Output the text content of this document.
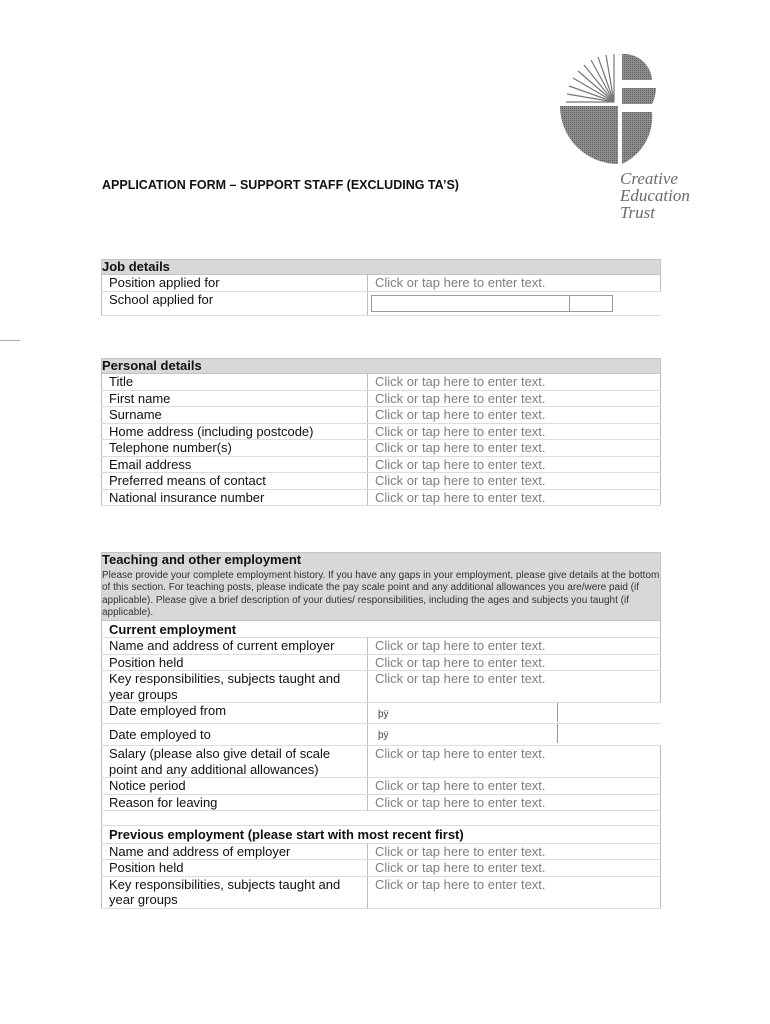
Creative
Education
Trust
APPLICATION FORM – SUPPORT STAFF (EXCLUDING TA’S)
Job details	

Position applied for	Click or tap here to enter text.
School applied for	
Personal details	

Title	Click or tap here to enter text.
First name	Click or tap here to enter text.
Surname	Click or tap here to enter text.
Home address (including postcode)	Click or tap here to enter text.
Telephone number(s)	Click or tap here to enter text.
Email address	Click or tap here to enter text.
Preferred means of contact	Click or tap here to enter text.
National insurance number	Click or tap here to enter text.
Teaching and other employment
Please provide your complete employment history. If you have any gaps in your employment, please give details at the bottom of this section. For teaching posts, please indicate the pay scale point and any additional allowances you are/were paid (if applicable). Please give a brief description of your duties/ responsibilities, including the ages and subjects you taught (if applicable).	

Current employment	
Name and address of current employer	Click or tap here to enter text.
Position held	Click or tap here to enter text.
Key responsibilities, subjects taught and year groups	Click or tap here to enter text.
Date employed from	þÿ

Date employed to	þÿ

Salary (please also give detail of scale point and any additional allowances)	Click or tap here to enter text.
Notice period	Click or tap here to enter text.
Reason for leaving	Click or tap here to enter text.

Previous employment (please start with most recent first)	
Name and address of employer	Click or tap here to enter text.
Position held	Click or tap here to enter text.
Key responsibilities, subjects taught and year groups	Click or tap here to enter text.
